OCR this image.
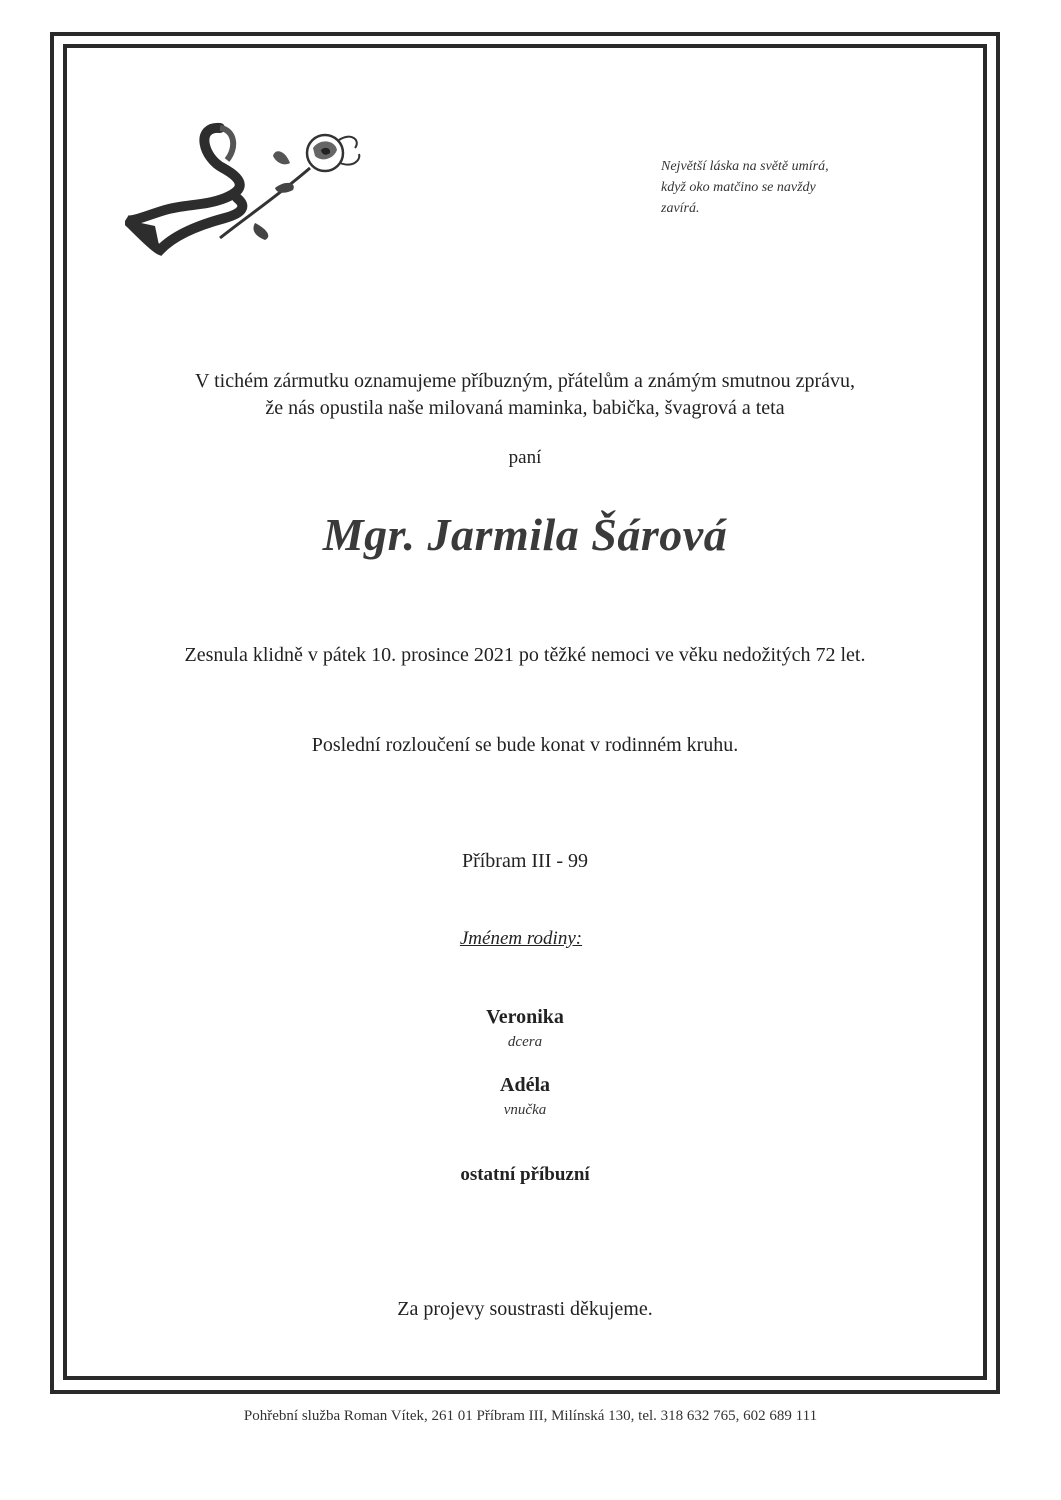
Největší láska na světě umírá,
když oko matčino se navždy
zavírá.
V tichém zármutku oznamujeme příbuzným, přátelům a známým smutnou zprávu,
že nás opustila naše milovaná maminka, babička, švagrová a teta
paní
Mgr. Jarmila Šárová
Zesnula klidně v pátek 10. prosince 2021 po těžké nemoci ve věku nedožitých 72 let.
Poslední rozloučení se bude konat v rodinném kruhu.
Příbram III - 99
Jménem rodiny:
Veronika
dcera
Adéla
vnučka
ostatní příbuzní
Za projevy soustrasti děkujeme.
Pohřební služba Roman Vítek, 261 01 Příbram III, Milínská 130, tel. 318 632 765, 602 689 111
